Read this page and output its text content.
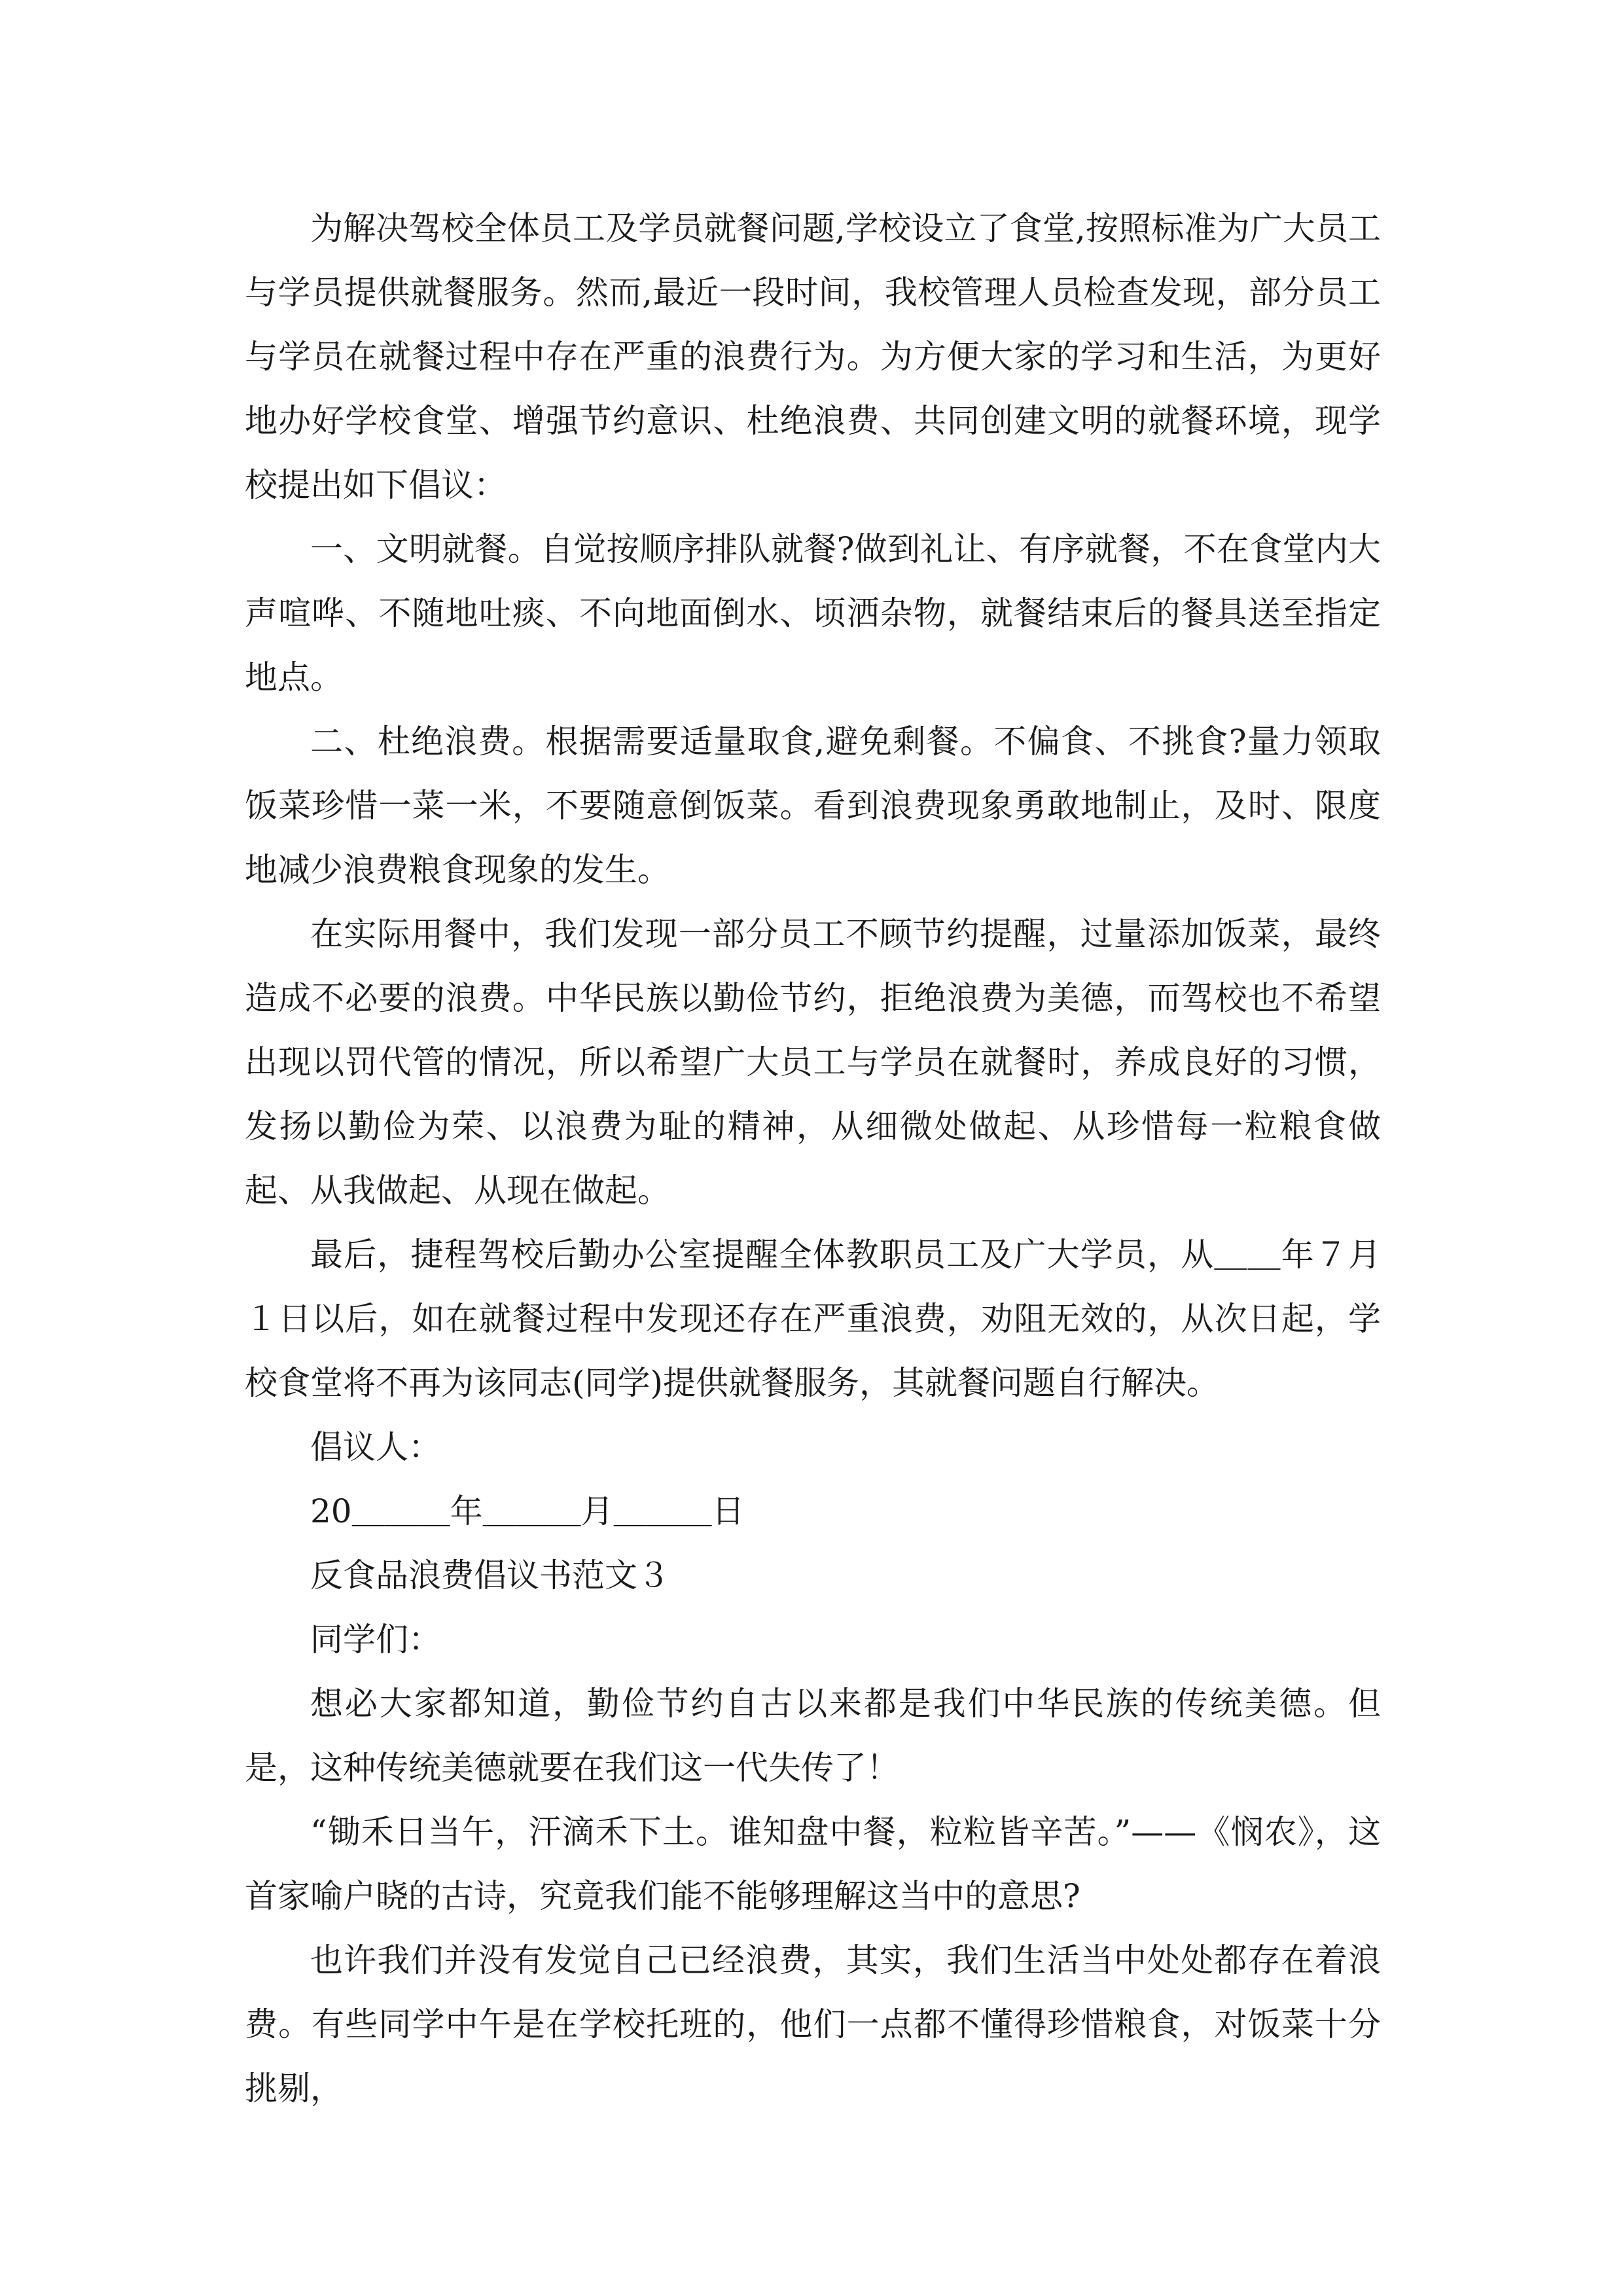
为解决驾校全体员工及学员就餐问题,学校设立了食堂,按照标准为广大员工与学员提供就餐服务。然而,最近一段时间，我校管理人员检查发现，部分员工与学员在就餐过程中存在严重的浪费行为。为方便大家的学习和生活，为更好地办好学校食堂、增强节约意识、杜绝浪费、共同创建文明的就餐环境，现学校提出如下倡议：

一、文明就餐。自觉按顺序排队就餐?做到礼让、有序就餐，不在食堂内大声喧哗、不随地吐痰、不向地面倒水、顷洒杂物，就餐结束后的餐具送至指定地点。

二、杜绝浪费。根据需要适量取食,避免剩餐。不偏食、不挑食?量力领取饭菜珍惜一菜一米，不要随意倒饭菜。看到浪费现象勇敢地制止，及时、限度地减少浪费粮食现象的发生。

在实际用餐中，我们发现一部分员工不顾节约提醒，过量添加饭菜，最终造成不必要的浪费。中华民族以勤俭节约，拒绝浪费为美德，而驾校也不希望出现以罚代管的情况，所以希望广大员工与学员在就餐时，养成良好的习惯，发扬以勤俭为荣、以浪费为耻的精神，从细微处做起、从珍惜每一粒粮食做起、从我做起、从现在做起。

最后，捷程驾校后勤办公室提醒全体教职员工及广大学员，从＿＿年７月１日以后，如在就餐过程中发现还存在严重浪费，劝阻无效的，从次日起，学校食堂将不再为该同志(同学)提供就餐服务，其就餐问题自行解决。

倡议人：

20＿＿＿年＿＿＿月＿＿＿日

反食品浪费倡议书范文３

同学们：

想必大家都知道，勤俭节约自古以来都是我们中华民族的传统美德。但是，这种传统美德就要在我们这一代失传了！

“锄禾日当午，汗滴禾下土。谁知盘中餐，粒粒皆辛苦。”——《悯农》，这首家喻户晓的古诗，究竟我们能不能够理解这当中的意思?

也许我们并没有发觉自己已经浪费，其实，我们生活当中处处都存在着浪费。有些同学中午是在学校托班的，他们一点都不懂得珍惜粮食，对饭菜十分挑剔，
